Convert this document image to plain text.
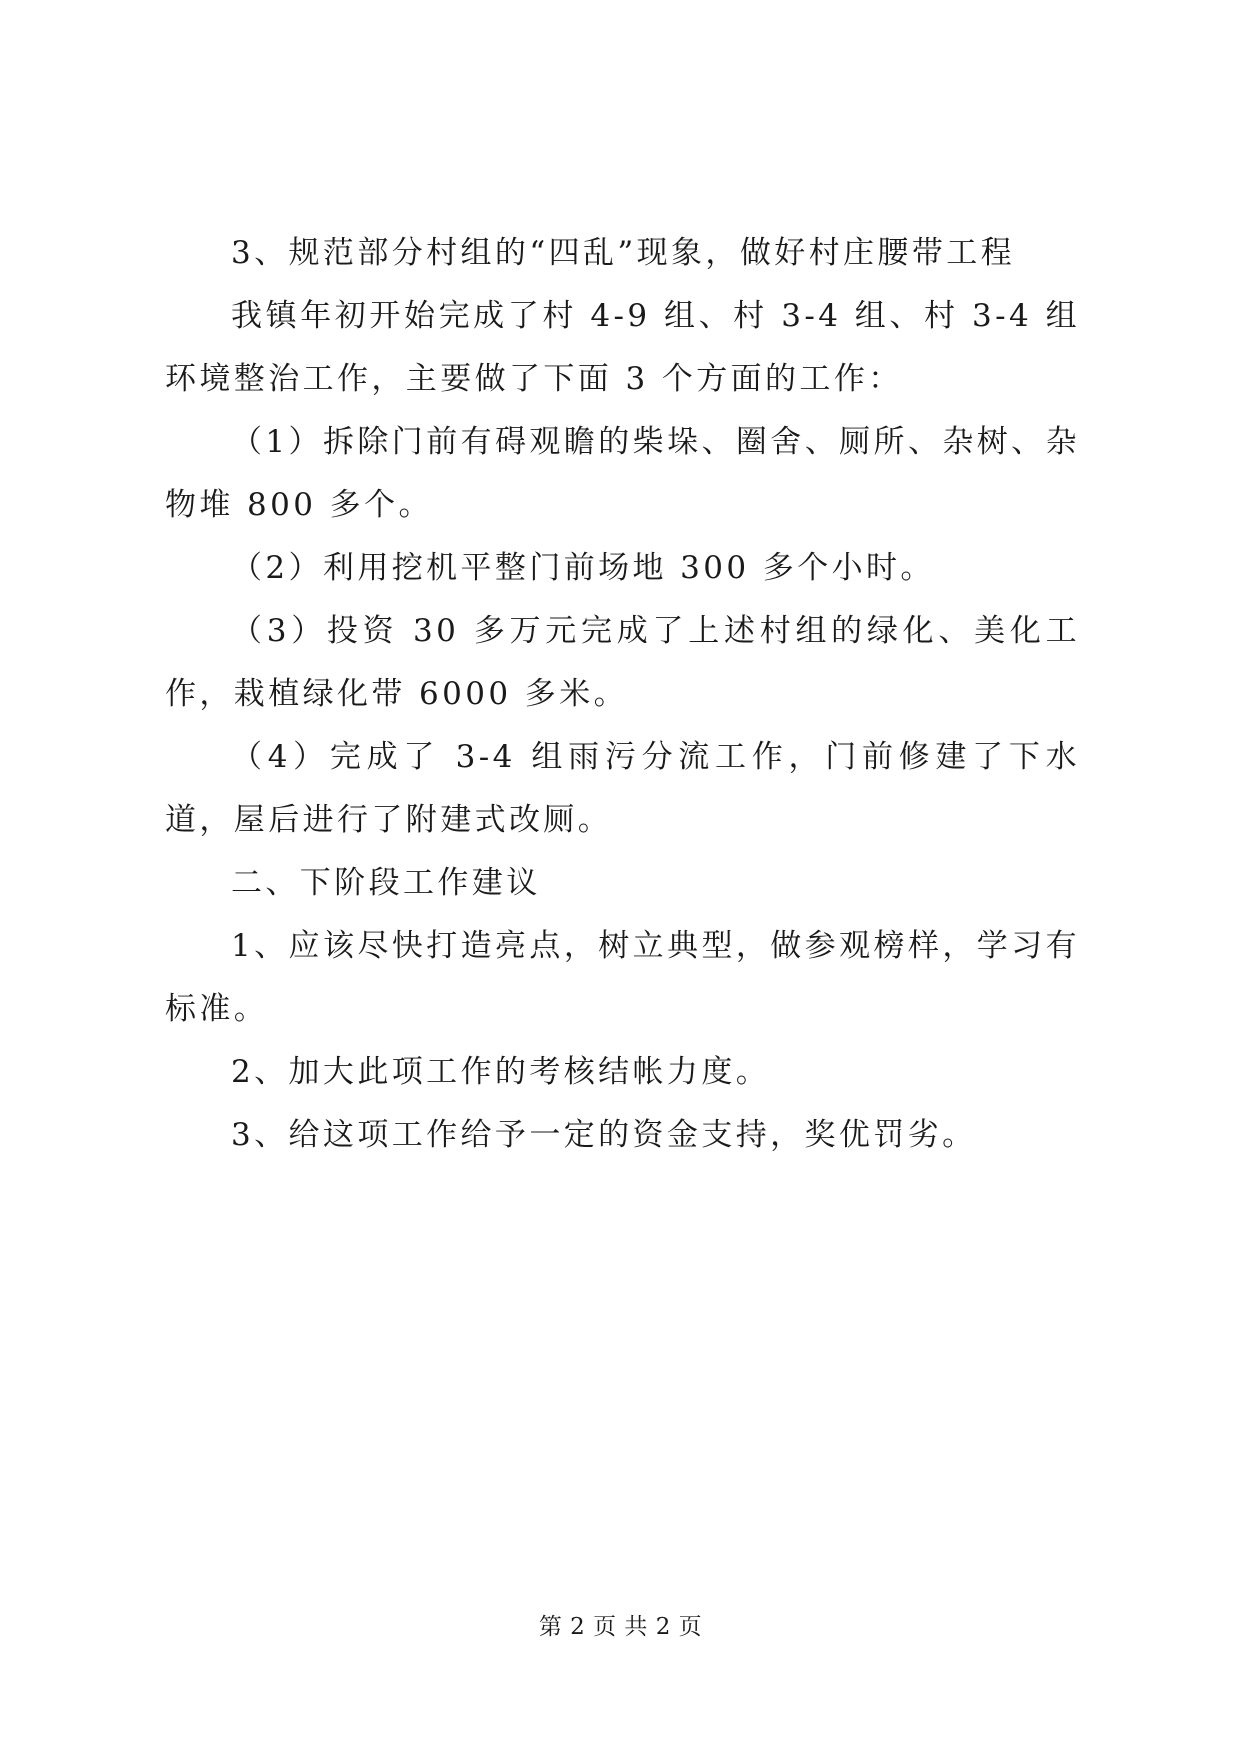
3、规范部分村组的“四乱”现象，做好村庄腰带工程

我镇年初开始完成了村 4-9 组、村 3-4 组、村 3-4 组环境整治工作，主要做了下面 3 个方面的工作：

（1）拆除门前有碍观瞻的柴垛、圈舍、厕所、杂树、杂物堆 800 多个。

（2）利用挖机平整门前场地 300 多个小时。

（3）投资 30 多万元完成了上述村组的绿化、美化工作，栽植绿化带 6000 多米。

（4）完成了 3-4 组雨污分流工作，门前修建了下水道，屋后进行了附建式改厕。

二、下阶段工作建议

1、应该尽快打造亮点，树立典型，做参观榜样，学习有标准。

2、加大此项工作的考核结帐力度。

3、给这项工作给予一定的资金支持，奖优罚劣。

第 2 页 共 2 页
